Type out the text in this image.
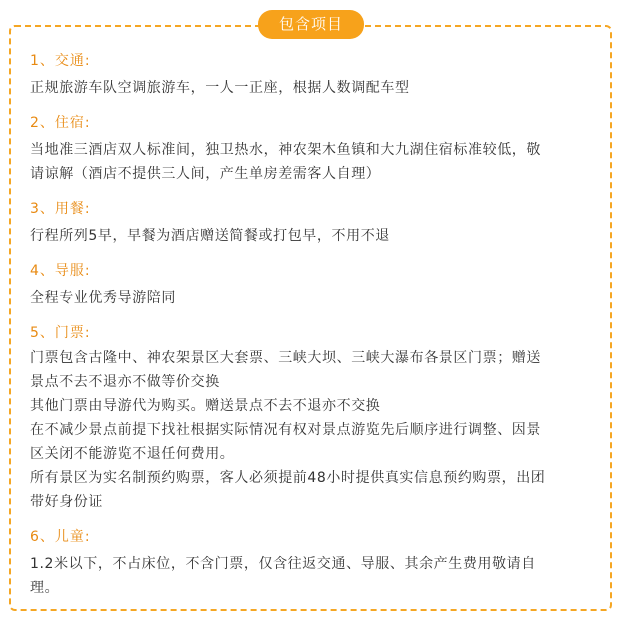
包含项目
1、交通:
正规旅游车队空调旅游车，一人一正座，根据人数调配车型
2、住宿:
当地准三酒店双人标准间，独卫热水，神农架木鱼镇和大九湖住宿标准较低，敬
请谅解（酒店不提供三人间，产生单房差需客人自理）
3、用餐:
行程所列5早，早餐为酒店赠送简餐或打包早，不用不退
4、导服:
全程专业优秀导游陪同
5、门票:
门票包含古隆中、神农架景区大套票、三峡大坝、三峡大瀑布各景区门票；赠送
景点不去不退亦不做等价交换
其他门票由导游代为购买。赠送景点不去不退亦不交换
在不减少景点前提下找社根据实际情况有权对景点游览先后顺序进行调整、因景
区关闭不能游览不退任何费用。
所有景区为实名制预约购票，客人必须提前48小时提供真实信息预约购票，出团
带好身份证
6、儿童:
1.2米以下，不占床位，不含门票，仅含往返交通、导服、其余产生费用敬请自
理。
